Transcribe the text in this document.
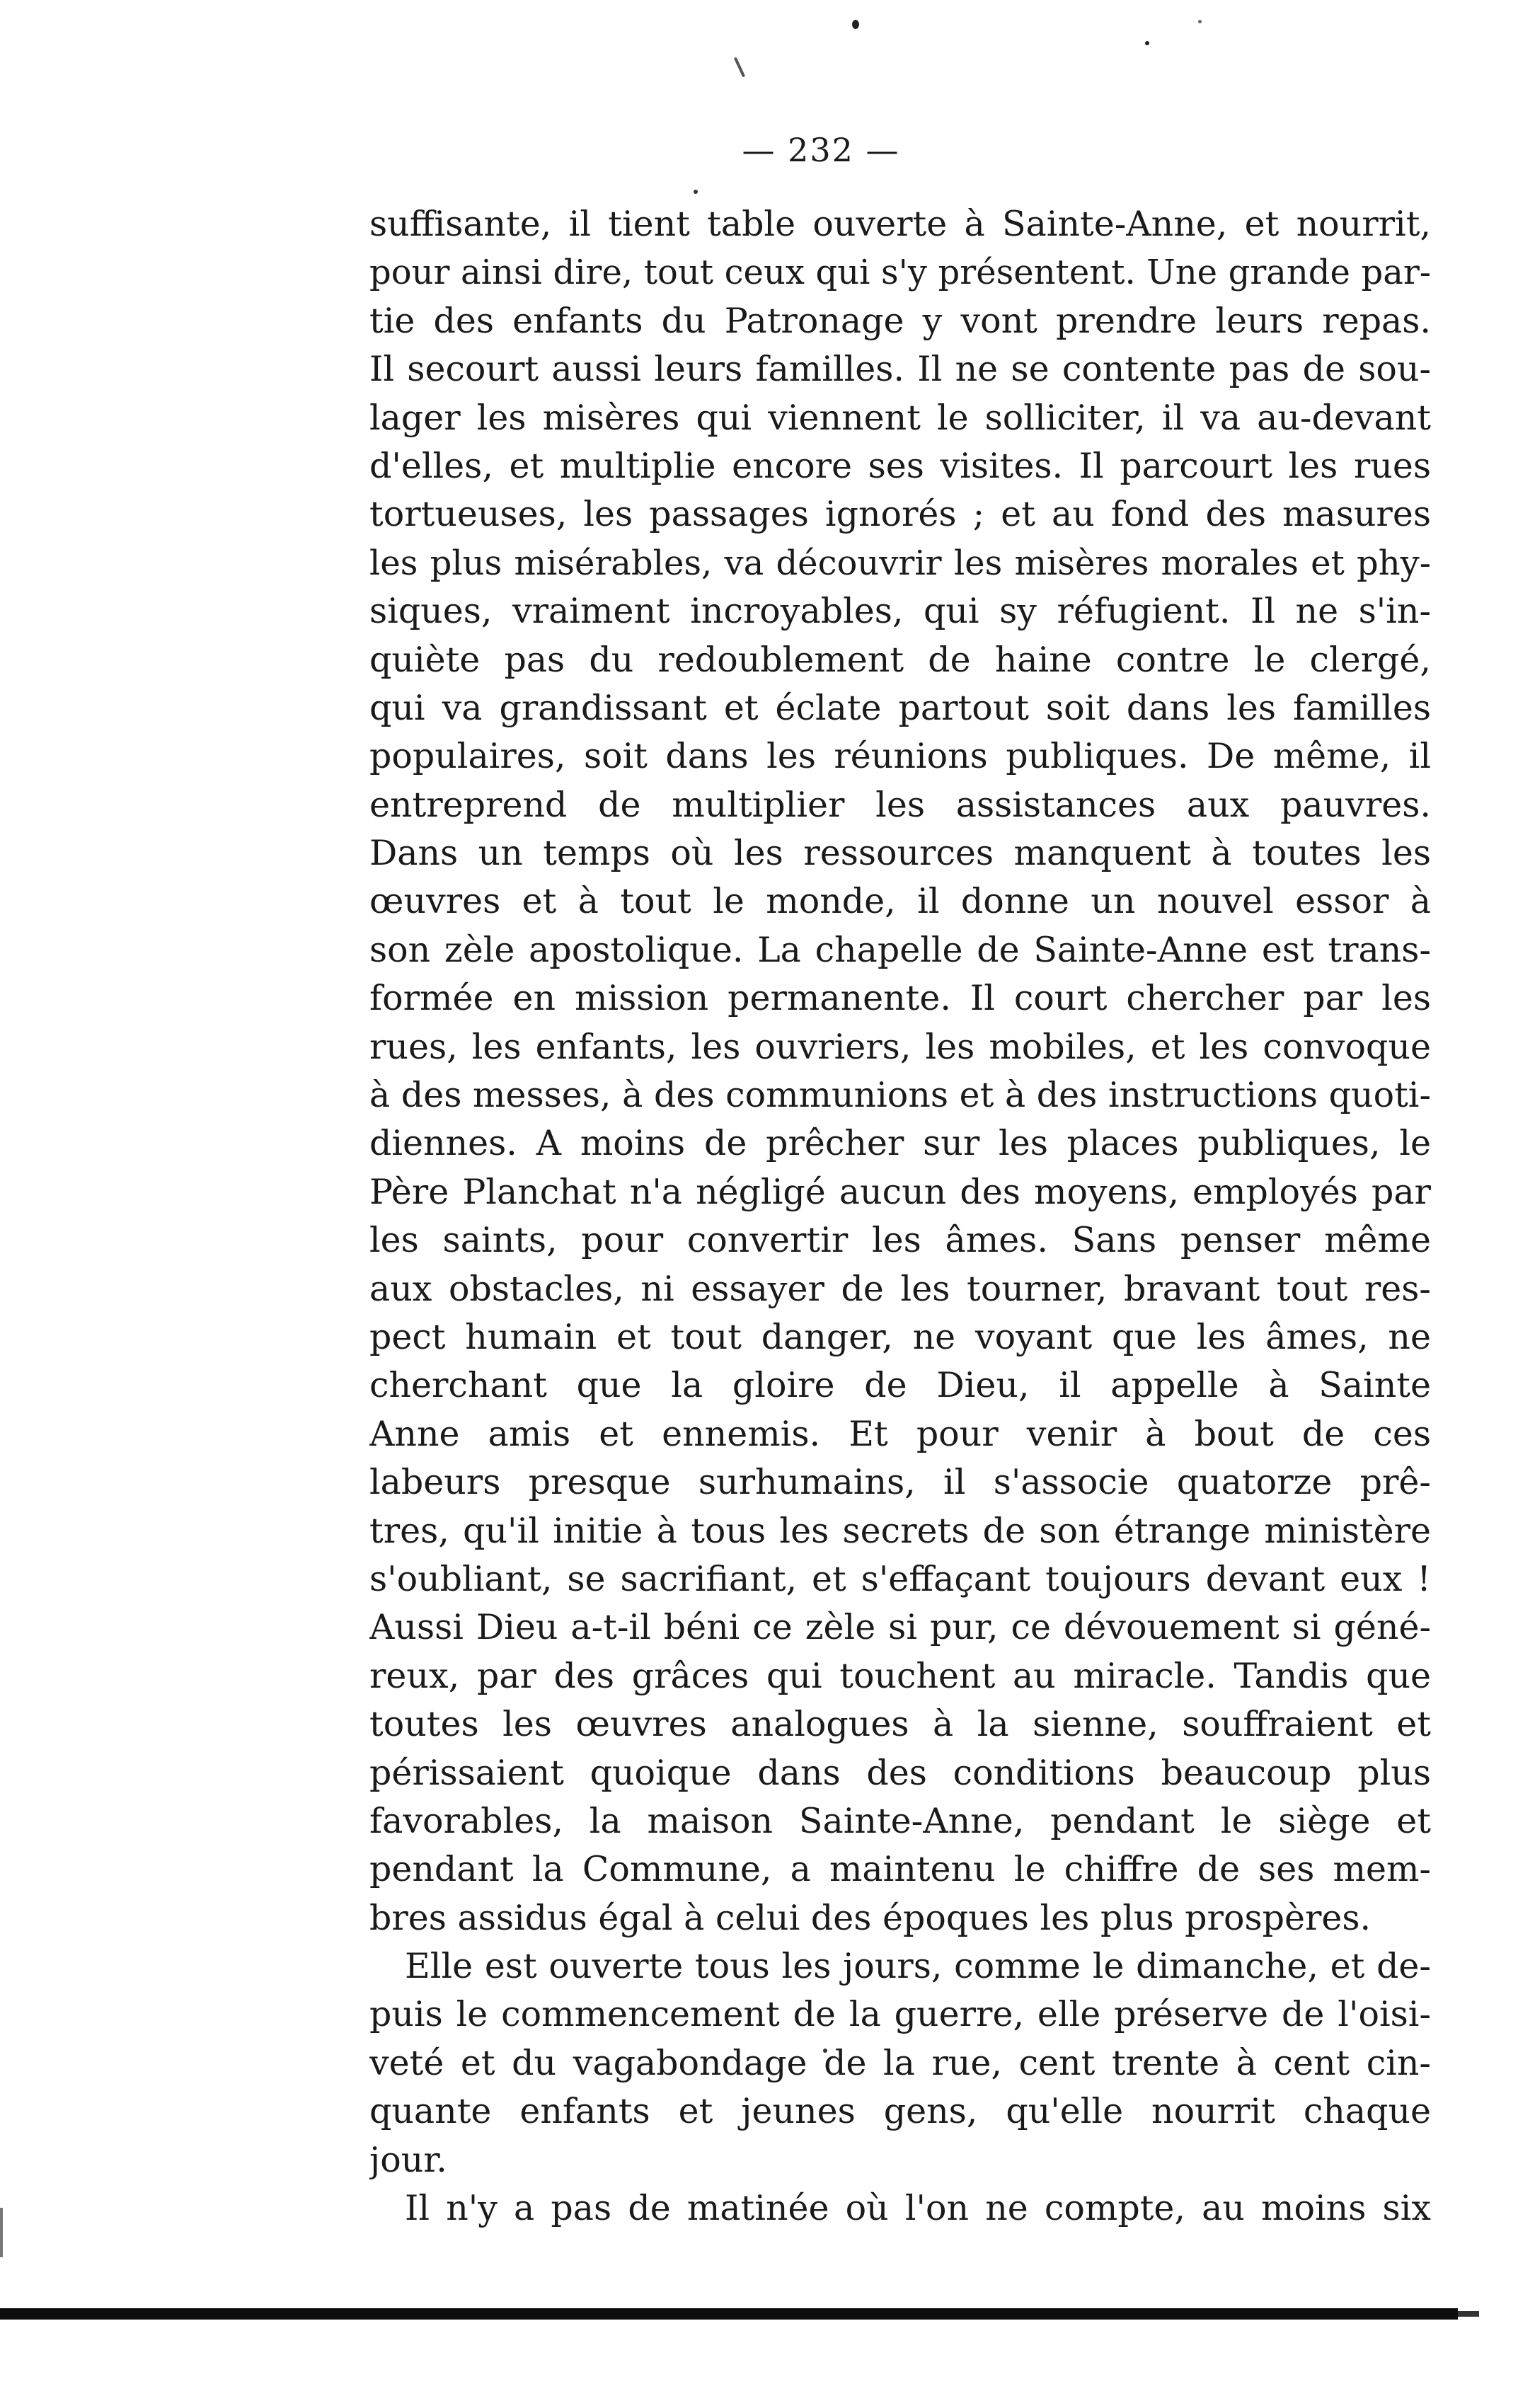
— 232 —
suffisante, il tient table ouverte à Sainte-Anne, et nourrit,
pour ainsi dire, tout ceux qui s'y présentent. Une grande par-
tie des enfants du Patronage y vont prendre leurs repas.
Il secourt aussi leurs familles. Il ne se contente pas de sou-
lager les misères qui viennent le solliciter, il va au-devant
d'elles, et multiplie encore ses visites. Il parcourt les rues
tortueuses, les passages ignorés ; et au fond des masures
les plus misérables, va découvrir les misères morales et phy-
siques, vraiment incroyables, qui sy réfugient. Il ne s'in-
quiète pas du redoublement de haine contre le clergé,
qui va grandissant et éclate partout soit dans les familles
populaires, soit dans les réunions publiques. De même, il
entreprend de multiplier les assistances aux pauvres.
Dans un temps où les ressources manquent à toutes les
œuvres et à tout le monde, il donne un nouvel essor à
son zèle apostolique. La chapelle de Sainte-Anne est trans-
formée en mission permanente. Il court chercher par les
rues, les enfants, les ouvriers, les mobiles, et les convoque
à des messes, à des communions et à des instructions quoti-
diennes. A moins de prêcher sur les places publiques, le
Père Planchat n'a négligé aucun des moyens, employés par
les saints, pour convertir les âmes. Sans penser même
aux obstacles, ni essayer de les tourner, bravant tout res-
pect humain et tout danger, ne voyant que les âmes, ne
cherchant que la gloire de Dieu, il appelle à Sainte
Anne amis et ennemis. Et pour venir à bout de ces
labeurs presque surhumains, il s'associe quatorze prê-
tres, qu'il initie à tous les secrets de son étrange ministère
s'oubliant, se sacrifiant, et s'effaçant toujours devant eux !
Aussi Dieu a-t-il béni ce zèle si pur, ce dévouement si géné-
reux, par des grâces qui touchent au miracle. Tandis que
toutes les œuvres analogues à la sienne, souffraient et
périssaient quoique dans des conditions beaucoup plus
favorables, la maison Sainte-Anne, pendant le siège et
pendant la Commune, a maintenu le chiffre de ses mem-
bres assidus égal à celui des époques les plus prospères.
Elle est ouverte tous les jours, comme le dimanche, et de-
puis le commencement de la guerre, elle préserve de l'oisi-
veté et du vagabondage de la rue, cent trente à cent cin-
quante enfants et jeunes gens, qu'elle nourrit chaque
jour.
Il n'y a pas de matinée où l'on ne compte, au moins six
